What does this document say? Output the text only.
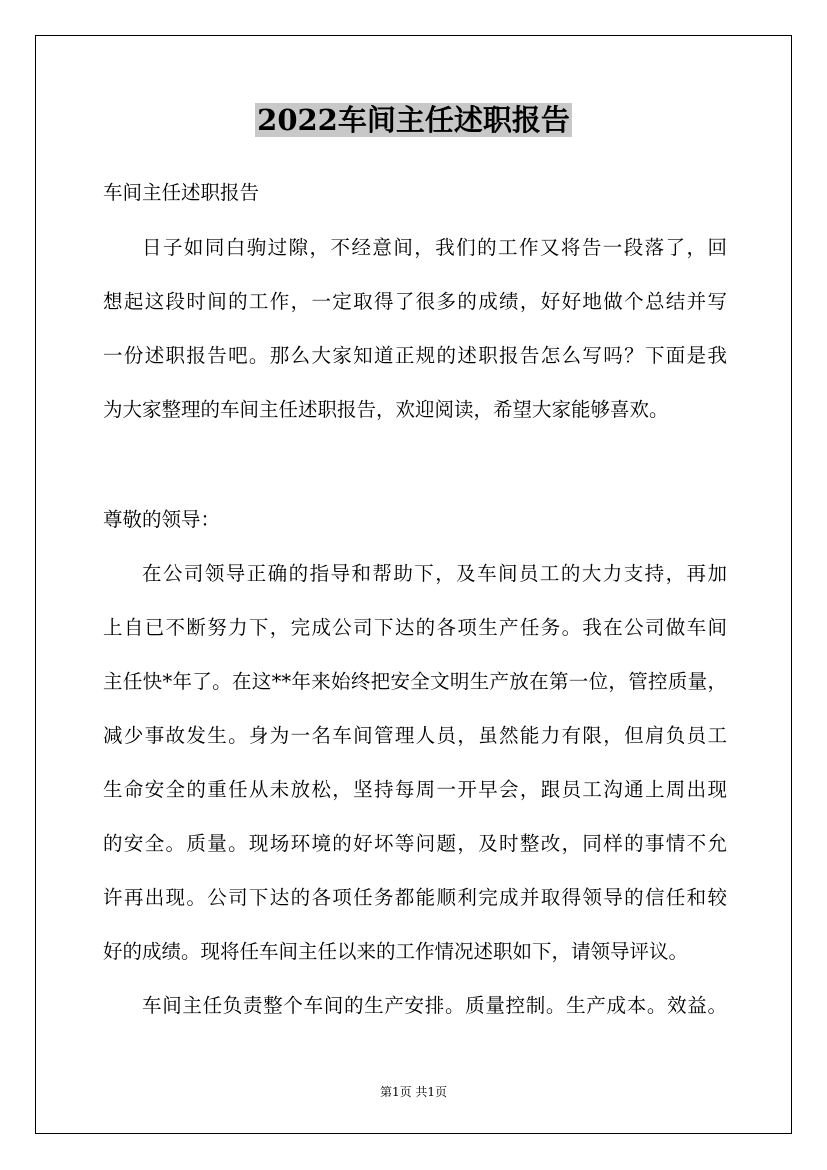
2022车间主任述职报告

车间主任述职报告

日子如同白驹过隙，不经意间，我们的工作又将告一段落了，回

想起这段时间的工作，一定取得了很多的成绩，好好地做个总结并写

一份述职报告吧。那么大家知道正规的述职报告怎么写吗？下面是我

为大家整理的车间主任述职报告，欢迎阅读，希望大家能够喜欢。

尊敬的领导：

在公司领导正确的指导和帮助下，及车间员工的大力支持，再加

上自已不断努力下，完成公司下达的各项生产任务。我在公司做车间

主任快*年了。在这**年来始终把安全文明生产放在第一位，管控质量，

减少事故发生。身为一名车间管理人员，虽然能力有限，但肩负员工

生命安全的重任从未放松，坚持每周一开早会，跟员工沟通上周出现

的安全。质量。现场环境的好坏等问题，及时整改，同样的事情不允

许再出现。公司下达的各项任务都能顺利完成并取得领导的信任和较

好的成绩。现将任车间主任以来的工作情况述职如下，请领导评议。

车间主任负责整个车间的生产安排。质量控制。生产成本。效益。

第1页 共1页
